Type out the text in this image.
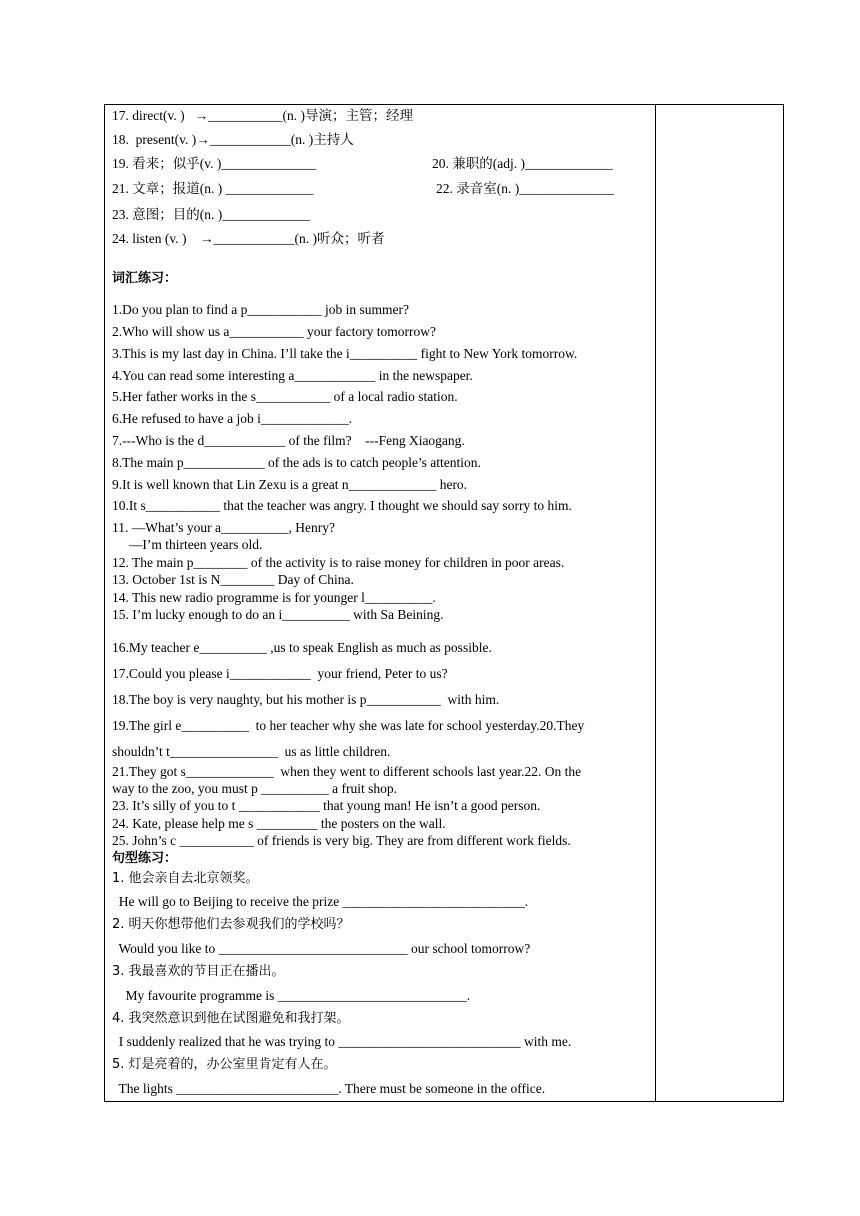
17. direct(v. )   →___________(n. )导演；主管；经理
18.  present(v. )→____________(n. )主持人
19. 看来；似乎(v. )______________	20. 兼职的(adj. )_____________
21. 文章；报道(n. ) _____________	22. 录音室(n. )______________
23. 意图；目的(n. )_____________
24. listen (v. )    →____________(n. )听众；听者
词汇练习：
1.Do you plan to find a p___________ job in summer?
2.Who will show us a___________ your factory tomorrow?
3.This is my last day in China. I’ll take the i__________ fight to New York tomorrow.
4.You can read some interesting a____________ in the newspaper.
5.Her father works in the s___________ of a local radio station.
6.He refused to have a job i_____________.
7.---Who is the d____________ of the film?    ---Feng Xiaogang.
8.The main p____________ of the ads is to catch people’s attention.
9.It is well known that Lin Zexu is a great n_____________ hero.
10.It s___________ that the teacher was angry. I thought we should say sorry to him.
11. —What’s your a__________, Henry?
—I’m thirteen years old.
12. The main p________ of the activity is to raise money for children in poor areas.
13. October 1st is N________ Day of China.
14. This new radio programme is for younger l__________.
15. I’m lucky enough to do an i__________ with Sa Beining.
16.My teacher e__________ ,us to speak English as much as possible.
17.Could you please i____________  your friend, Peter to us?
18.The boy is very naughty, but his mother is p___________  with him.
19.The girl e__________  to her teacher why she was late for school yesterday.20.They
shouldn’t t________________  us as little children.
21.They got s_____________  when they went to different schools last year.22. On the
way to the zoo, you must p __________ a fruit shop.
23. It’s silly of you to t ____________ that young man! He isn’t a good person.
24. Kate, please help me s _________ the posters on the wall.
25. John’s c ___________ of friends is very big. They are from different work fields.
句型练习：
1. 他会亲自去北京领奖。
He will go to Beijing to receive the prize ___________________________.
2. 明天你想带他们去参观我们的学校吗？
Would you like to ____________________________ our school tomorrow?
3. 我最喜欢的节目正在播出。
My favourite programme is ____________________________.
4. 我突然意识到他在试图避免和我打架。
I suddenly realized that he was trying to ___________________________ with me.
5. 灯是亮着的，办公室里肯定有人在。
The lights ________________________. There must be someone in the office.
